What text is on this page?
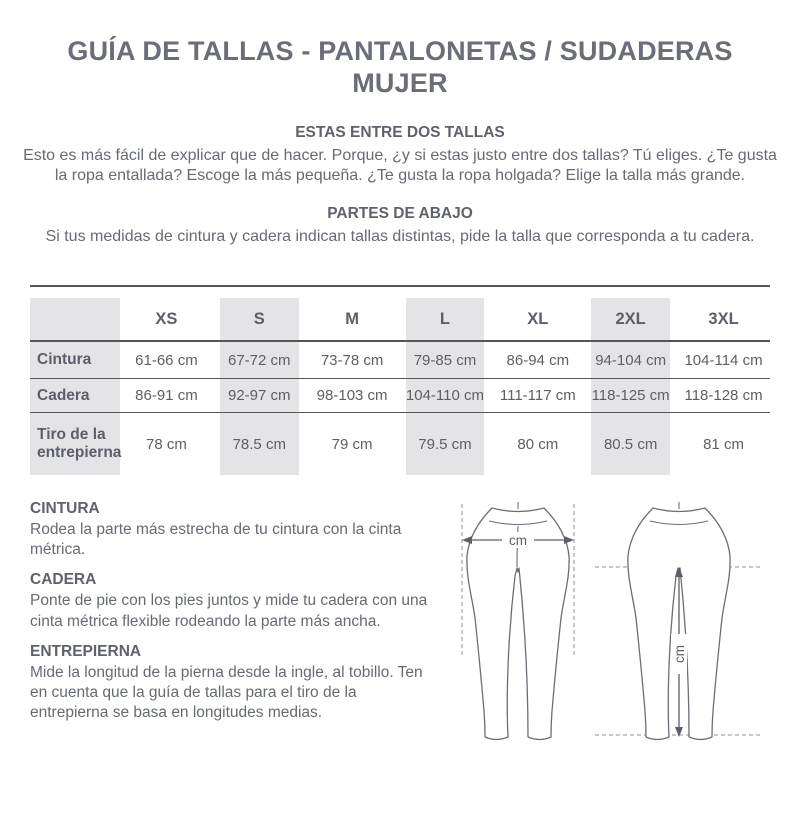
GUÍA DE TALLAS - PANTALONETAS / SUDADERAS MUJER
ESTAS ENTRE DOS TALLAS
Esto es más fácil de explicar que de hacer. Porque, ¿y si estas justo entre dos tallas? Tú eliges. ¿Te gusta la ropa entallada? Escoge la más pequeña. ¿Te gusta la ropa holgada? Elige la talla más grande.
PARTES DE ABAJO
Si tus medidas de cintura y cadera indican tallas distintas, pide la talla que corresponda a tu cadera.
	XS	S	M	L	XL	2XL	3XL
Cintura	61-66 cm	67-72 cm	73-78 cm	79-85 cm	86-94 cm	94-104 cm	104-114 cm
Cadera	86-91 cm	92-97 cm	98-103 cm	104-110 cm	111-117 cm	118-125 cm	118-128 cm
Tiro de la entrepierna	78 cm	78.5 cm	79 cm	79.5 cm	80 cm	80.5 cm	81 cm
CINTURA
Rodea la parte más estrecha de tu cintura con la cinta métrica.
CADERA
Ponte de pie con los pies juntos y mide tu cadera con una cinta métrica flexible rodeando la parte más ancha.
ENTREPIERNA
Mide la longitud de la pierna desde la ingle, al tobillo. Ten en cuenta que la guía de tallas para el tiro de la entrepierna se basa en longitudes medias.
cm
cm
